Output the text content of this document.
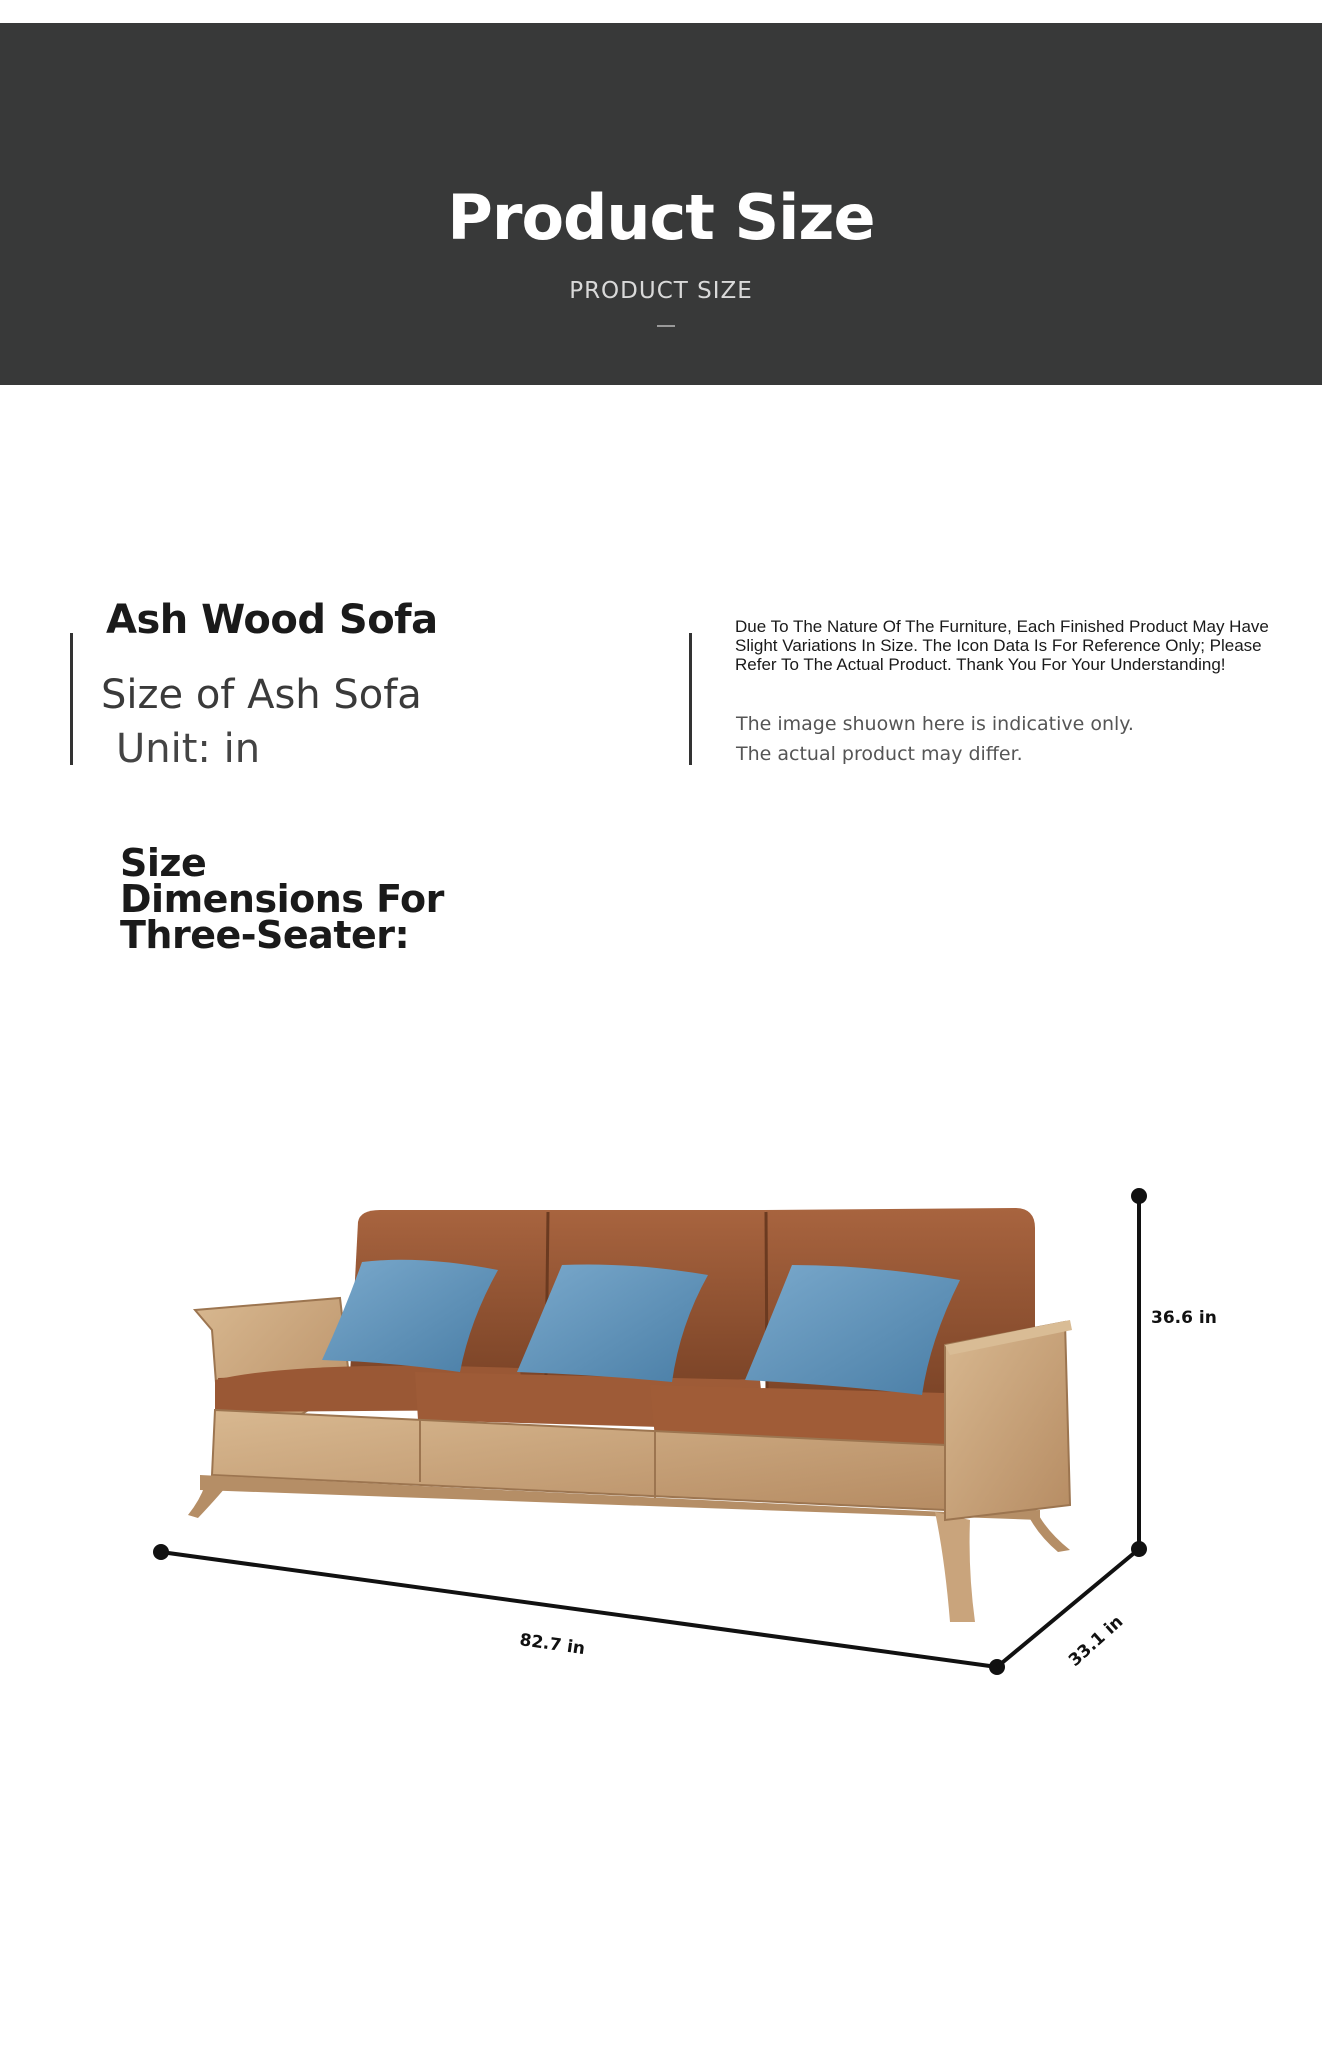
Product Size
PRODUCT SIZE
Ash Wood Sofa
Size of Ash Sofa
Unit: in
Due To The Nature Of The Furniture, Each Finished Product May Have Slight Variations In Size. The Icon Data Is For Reference Only; Please Refer To The Actual Product. Thank You For Your Understanding!
The image shuown here is indicative only.
The actual product may differ.
Size Dimensions For Three-Seater:
36.6 in
82.7 in	33.1 in
